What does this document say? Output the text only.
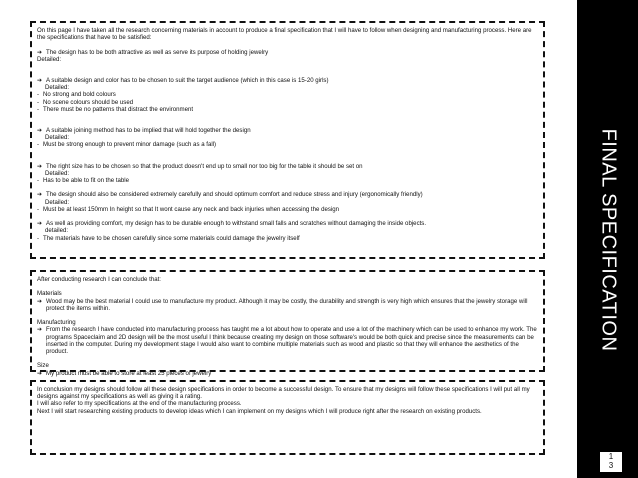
On this page I have taken all the research concerning materials in account to produce a final specification that I will have to follow when designing and manufacturing process. Here are the specifications that have to be satisfied:
➔ The design has to be both attractive as well as serve its purpose of holding jewelry
Detailed:
➔ A suitable design and color has to be chosen to suit the target audience (which in this case is 15-20 girls)
Detailed:
- No strong and bold colours
- No scene colours should be used
- There must be no patterns that distract the environment
➔ A suitable joining method has to be implied that will hold together the design
Detailed:
- Must be strong enough to prevent minor damage (such as a fall)
➔ The right size has to be chosen so that the product doesn't end up to small nor too big for the table it should be set on
Detailed:
- Has to be able to fit on the table
➔ The design should also be considered extremely carefully and should optimum comfort and reduce stress and injury (ergonomically friendly)
Detailed:
- Must be at least 150mm In height so that It wont cause any neck and back injuries when accessing the design
➔ As well as providing comfort, my design has to be durable enough to withstand small falls and scratches without damaging the inside objects.
detailed:
- The materials have to be chosen carefully since some materials could damage the jewelry itself
After conducting research I can conclude that:
Materials
➔ Wood may be the best material I could use to manufacture my product. Although it may be costly, the durability and strength is very high which ensures that the jewelry storage will protect the items within.
Manufacturing
➔ From the research I have conducted into manufacturing process has taught me a lot about how to operate and use a lot of the machinery which can be used to enhance my work. The programs Spaceclaim and 2D design will be the most useful I think because creating my design on those software's would be both quick and precise since the measurements can be inserted in the computer. During my development stage I would also want to combine multiple materials such as wood and plastic so that they will enhance the aesthetics of the product.
Size
➔ My product must be able to store at least 25 pieces of jewelry
In conclusion my designs should follow all these design specifications in order to become a successful design. To ensure that my designs will follow these specifications I will put all my designs against my specifications as well as giving it a rating.
I will also refer to my specifications at the end of the manufacturing process.
Next I will start researching existing products to develop ideas which I can implement on my designs which I will produce right after the research on existing products.
FINAL SPECIFICATION
1
3
